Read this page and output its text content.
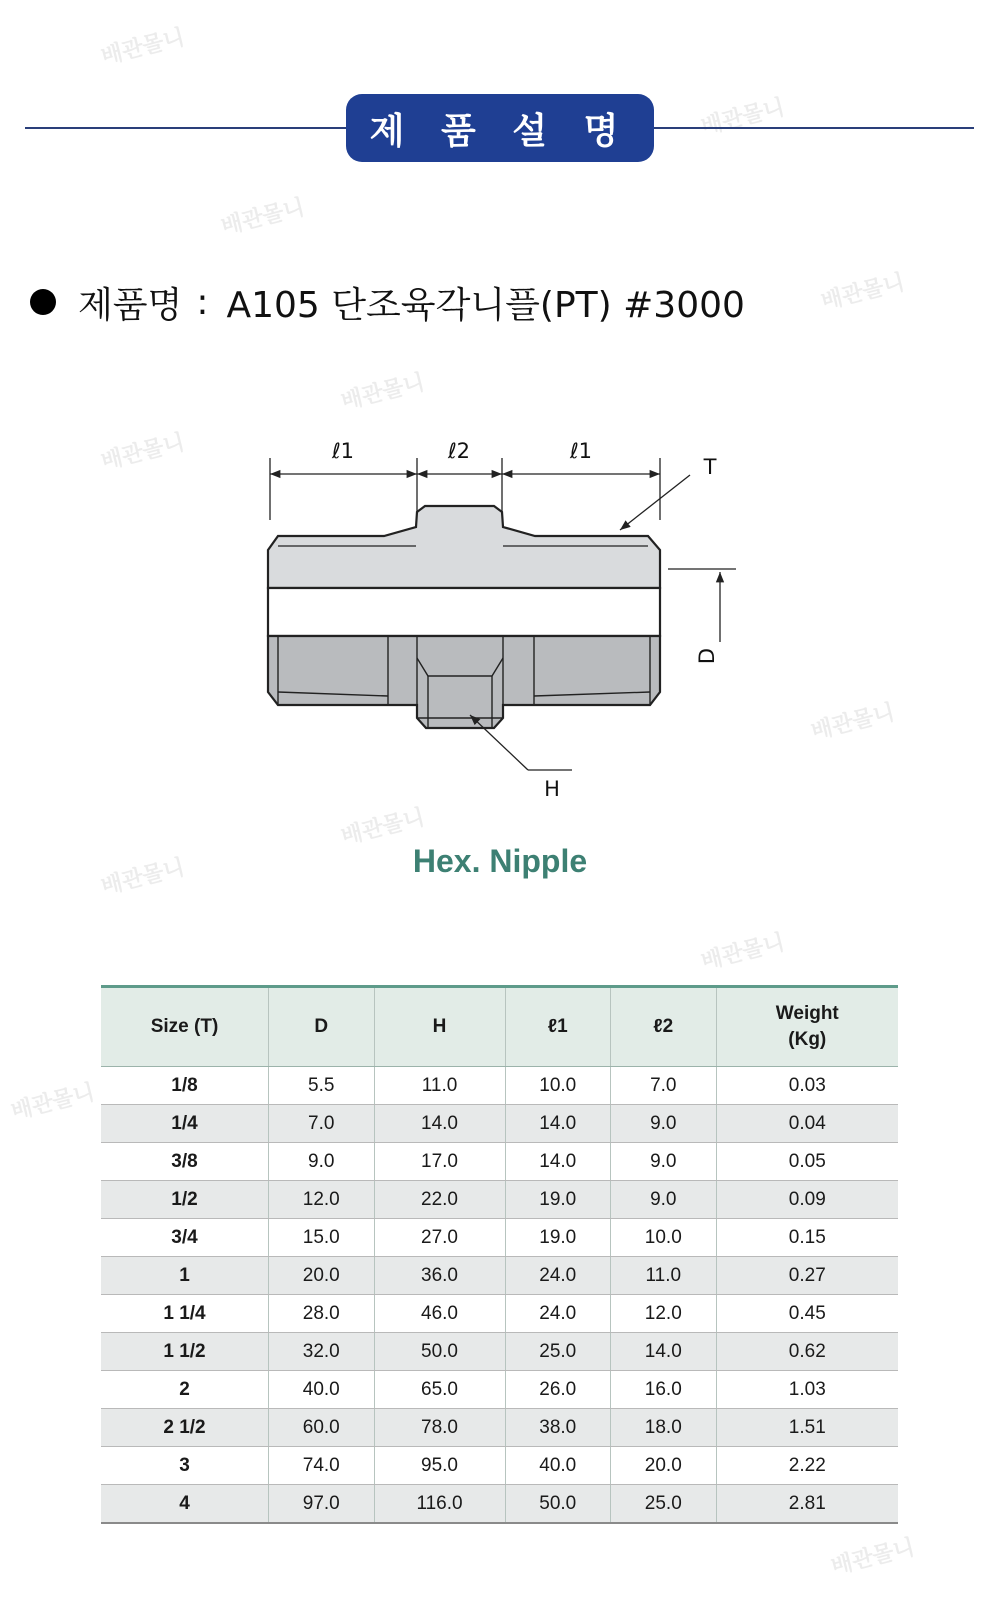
배관몰니
배관몰니
배관몰니
배관몰니
배관몰니
배관몰니
배관몰니
배관몰니
배관몰니
배관몰니
배관몰니
배관몰니
제 품 설 명
제품명 : A105 단조육각니플(PT) #3000
ℓ1	ℓ2	ℓ1
T
D
H
Hex. Nipple
Size (T)	D	H	ℓ1	ℓ2	Weight
(Kg)
1/8	5.5	11.0	10.0	7.0	0.03
1/4	7.0	14.0	14.0	9.0	0.04
3/8	9.0	17.0	14.0	9.0	0.05
1/2	12.0	22.0	19.0	9.0	0.09
3/4	15.0	27.0	19.0	10.0	0.15
1	20.0	36.0	24.0	11.0	0.27
1 1/4	28.0	46.0	24.0	12.0	0.45
1 1/2	32.0	50.0	25.0	14.0	0.62
2	40.0	65.0	26.0	16.0	1.03
2 1/2	60.0	78.0	38.0	18.0	1.51
3	74.0	95.0	40.0	20.0	2.22
4	97.0	116.0	50.0	25.0	2.81
